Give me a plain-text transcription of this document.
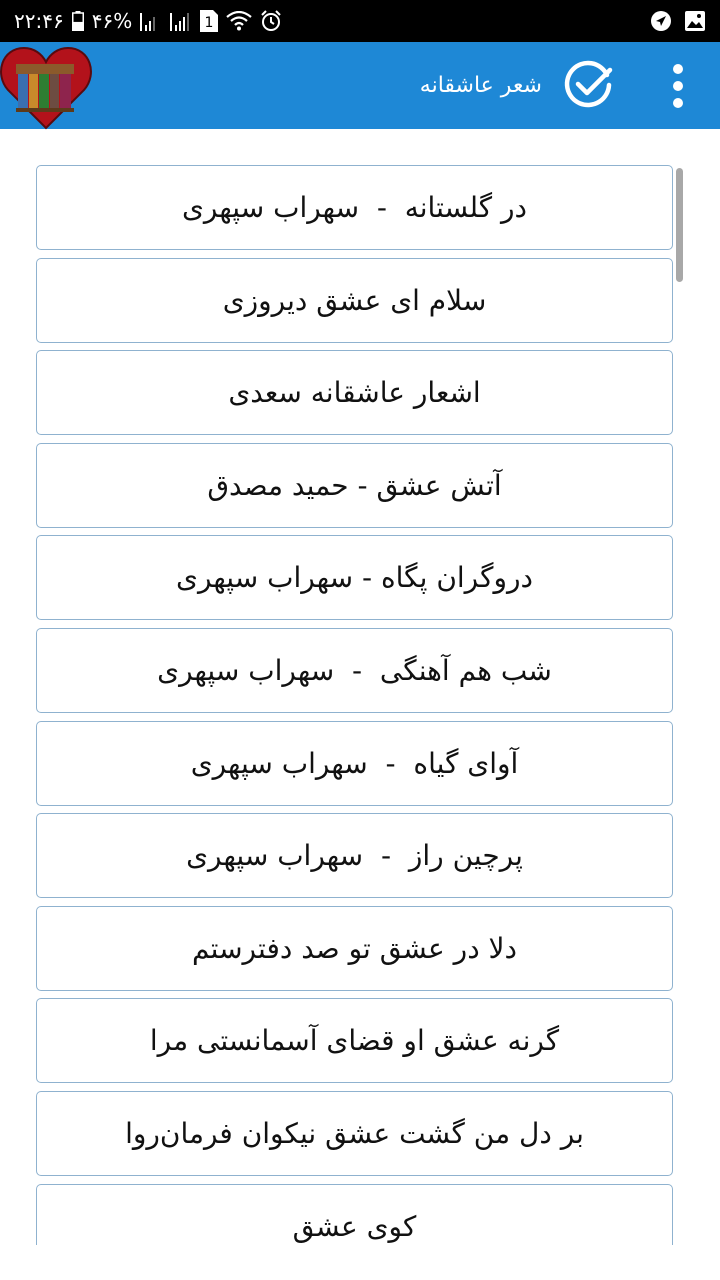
۲۲:۴۶ ۴۶%	1
شعر عاشقانه
در گلستانه  -  سهراب سپهری
سلام ای عشق دیروزی
اشعار عاشقانه سعدی
آتش عشق - حمید مصدق
دروگران پگاه - سهراب سپهری
شب هم آهنگی  -  سهراب سپهری
آوای گیاه  -  سهراب سپهری
پرچین راز  -  سهراب سپهری
دلا در عشق تو صد دفترستم
گرنه عشق او قضای آسمانستی مرا
بر دل من گشت عشق نیکوان فرمان‌روا
کوی عشق
